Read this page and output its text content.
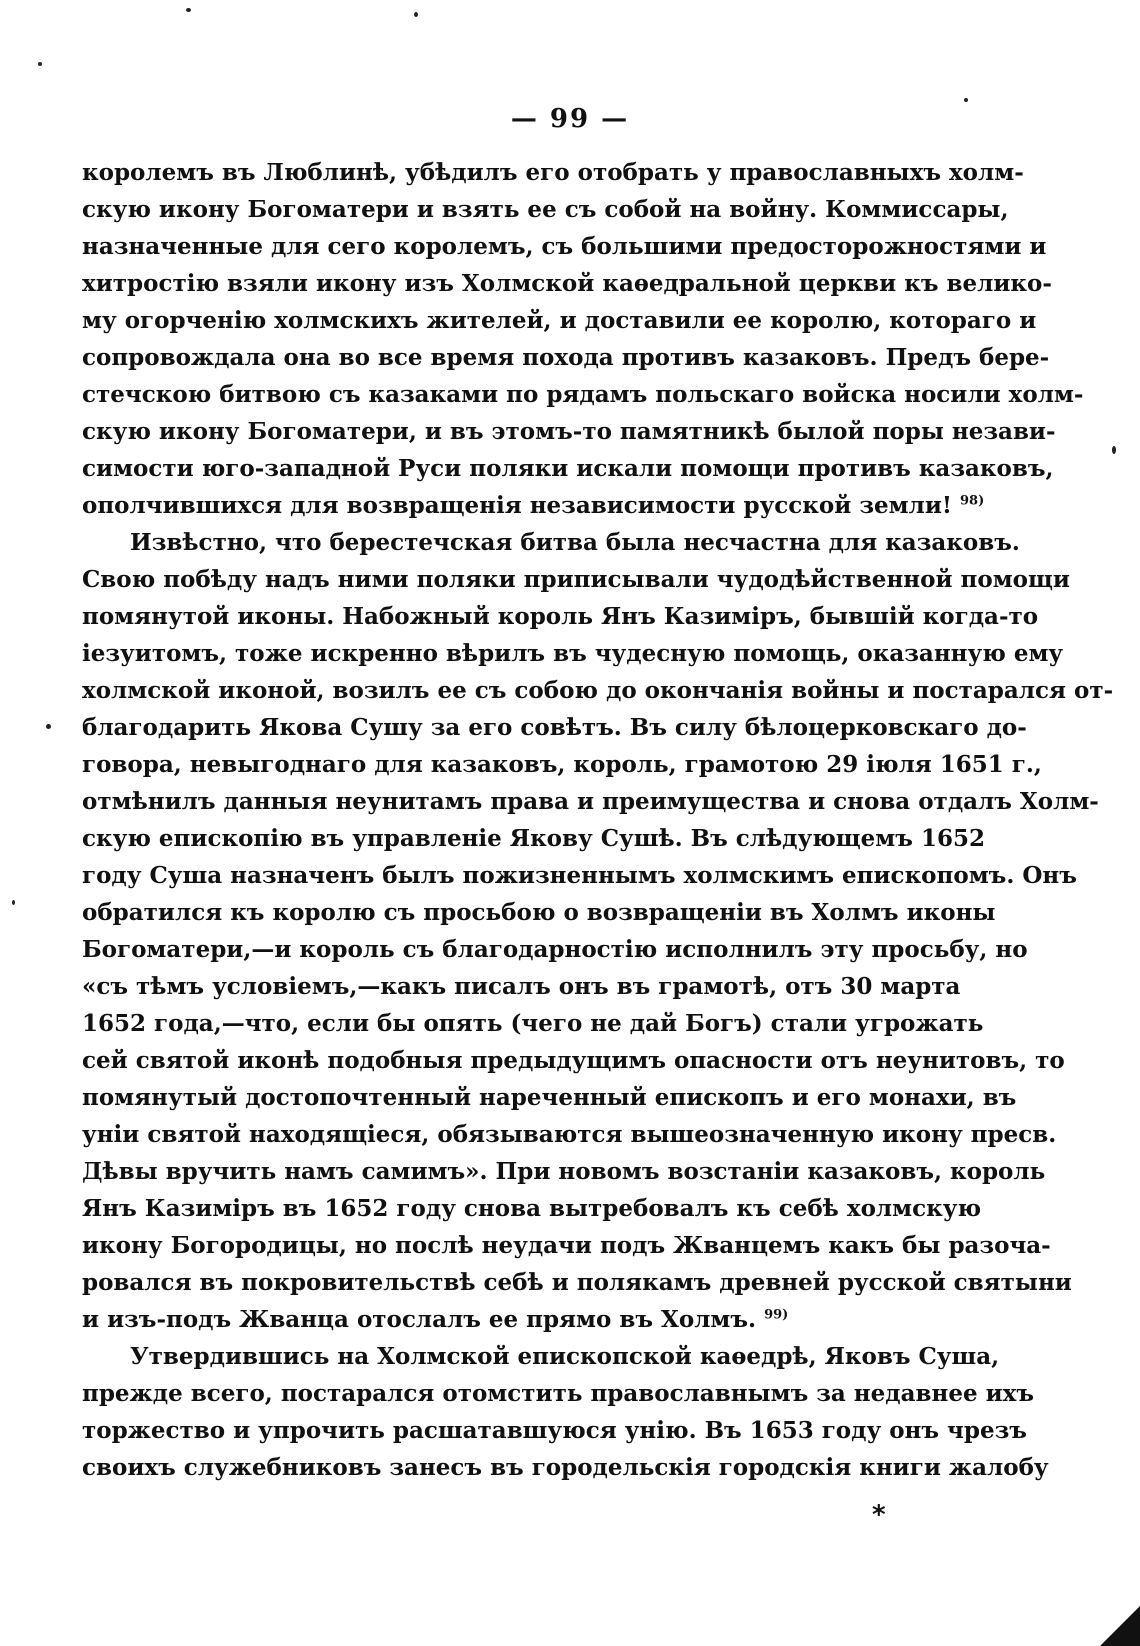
— 99 —
королемъ въ Люблинѣ, убѣдилъ его отобрать у православныхъ холм-
скую икону Богоматери и взять ее съ собой на войну. Коммиссары,
назначенные для сего королемъ, съ большими предосторожностями и
хитростію взяли икону изъ Холмской каѳедральной церкви къ велико-
му огорченію холмскихъ жителей, и доставили ее королю, котораго и
сопровождала она во все время похода противъ казаковъ. Предъ бере-
стечскою битвою съ казаками по рядамъ польскаго войска носили холм-
скую икону Богоматери, и въ этомъ-то памятникѣ былой поры незави-
симости юго-западной Руси поляки искали помощи противъ казаковъ,
ополчившихся для возвращенія независимости русской земли! $^{98)}$
Извѣстно, что берестечская битва была несчастна для казаковъ.
Свою побѣду надъ ними поляки приписывали чудодѣйственной помощи
помянутой иконы. Набожный король Янъ Казиміръ, бывшій когда-то
іезуитомъ, тоже искренно вѣрилъ въ чудесную помощь, оказанную ему
холмской иконой, возилъ ее съ собою до окончанія войны и постарался от-
благодарить Якова Сушу за его совѣтъ. Въ силу бѣлоцерковскаго до-
говора, невыгоднаго для казаковъ, король, грамотою 29 іюля 1651 г.,
отмѣнилъ данныя неунитамъ права и преимущества и снова отдалъ Холм-
скую епископію въ управленіе Якову Сушѣ. Въ слѣдующемъ 1652
году Суша назначенъ былъ пожизненнымъ холмскимъ епископомъ. Онъ
обратился къ королю съ просьбою о возвращеніи въ Холмъ иконы
Богоматери,—и король съ благодарностію исполнилъ эту просьбу, но
«съ тѣмъ условіемъ,—какъ писалъ онъ въ грамотѣ, отъ 30 марта
1652 года,—что, если бы опять (чего не дай Богъ) стали угрожать
сей святой иконѣ подобныя предыдущимъ опасности отъ неунитовъ, то
помянутый достопочтенный нареченный епископъ и его монахи, въ
уніи святой находящіеся, обязываются вышеозначенную икону пресв.
Дѣвы вручить намъ самимъ». При новомъ возстаніи казаковъ, король
Янъ Казиміръ въ 1652 году снова вытребовалъ къ себѣ холмскую
икону Богородицы, но послѣ неудачи подъ Жванцемъ какъ бы разоча-
ровался въ покровительствѣ себѣ и полякамъ древней русской святыни
и изъ-подъ Жванца отослалъ ее прямо въ Холмъ. $^{99)}$
Утвердившись на Холмской епископской каѳедрѣ, Яковъ Суша,
прежде всего, постарался отомстить православнымъ за недавнее ихъ
торжество и упрочить расшатавшуюся унію. Въ 1653 году онъ чрезъ
своихъ служебниковъ занесъ въ городельскія городскія книги жалобу
*
